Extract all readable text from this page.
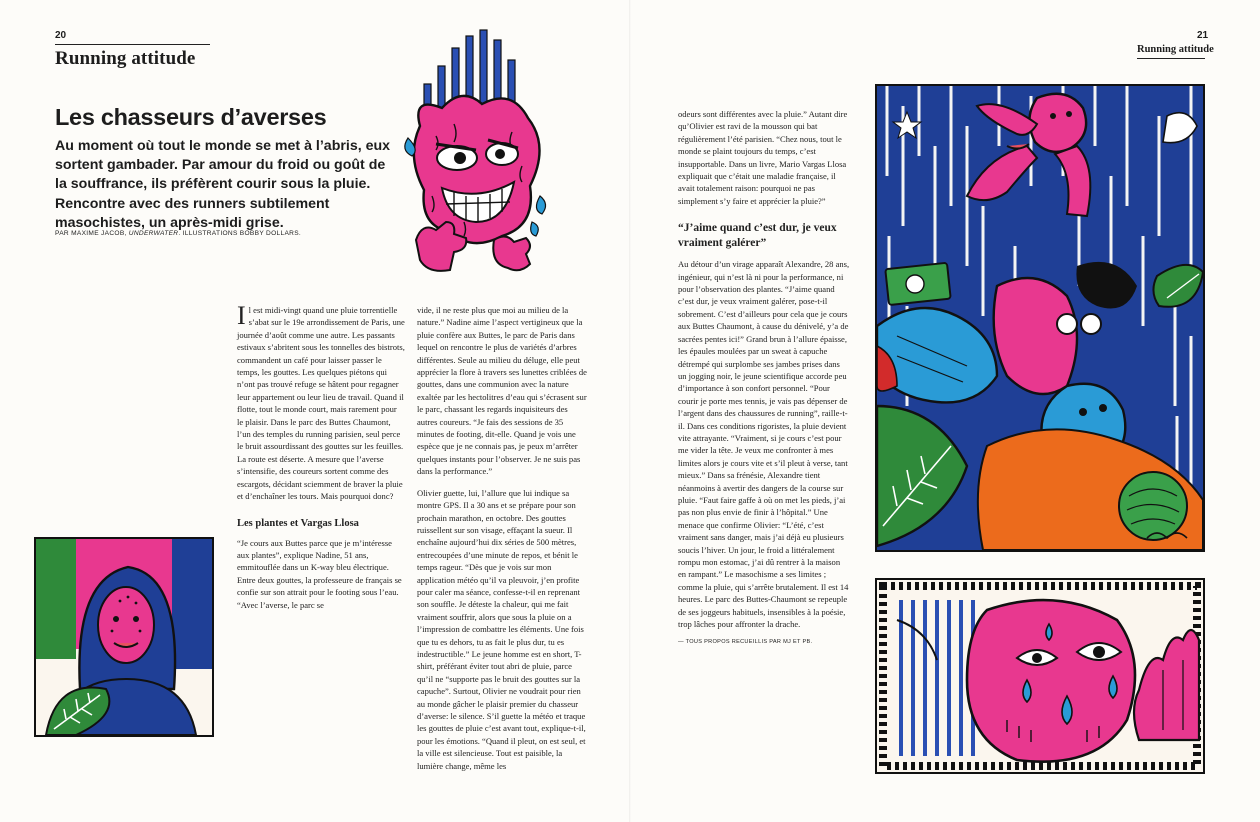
20
Running attitude
Les chasseurs d’averses

Au moment où tout le monde se met à l’abris, eux sortent gambader. Par amour du froid ou goût de la souffrance, ils préfèrent courir sous la pluie. Rencontre avec des runners subtilement masochistes, un après-midi grise.

PAR MAXIME JACOB, UNDERWATER. ILLUSTRATIONS BOBBY DOLLARS.

Il est midi-vingt quand une pluie torrentielle s’abat sur le 19e arrondissement de Paris, une journée d’août comme une autre. Les passants estivaux s’abritent sous les tonnelles des bistrots, commandent un café pour laisser passer le temps, les gouttes. Les quelques piétons qui n’ont pas trouvé refuge se hâtent pour regagner leur appartement ou leur lieu de travail. Quand il flotte, tout le monde court, mais rarement pour le plaisir. Dans le parc des Buttes Chaumont, l’un des temples du running parisien, seul perce le bruit assourdissant des gouttes sur les feuilles. La route est déserte. A mesure que l’averse s’intensifie, des coureurs sortent comme des escargots, décidant sciemment de braver la pluie et d’enchaîner les tours. Mais pourquoi donc?

Les plantes et Vargas Llosa

“Je cours aux Buttes parce que je m’intéresse aux plantes”, explique Nadine, 51 ans, emmitouflée dans un K-way bleu électrique. Entre deux gouttes, la professeure de français se confie sur son attrait pour le footing sous l’eau. “Avec l’averse, le parc se

vide, il ne reste plus que moi au milieu de la nature.” Nadine aime l’aspect vertigineux que la pluie confère aux Buttes, le parc de Paris dans lequel on rencontre le plus de variétés d’arbres différentes. Seule au milieu du déluge, elle peut apprécier la flore à travers ses lunettes criblées de gouttes, dans une communion avec la nature exaltée par les hectolitres d’eau qui s’écrasent sur le parc, chassant les regards inquisiteurs des autres coureurs. “Je fais des sessions de 35 minutes de footing, dit-elle. Quand je vois une espèce que je ne connais pas, je peux m’arrêter quelques instants pour l’observer. Je ne suis pas dans la performance.”

Olivier guette, lui, l’allure que lui indique sa montre GPS. Il a 30 ans et se prépare pour son prochain marathon, en octobre. Des gouttes ruissellent sur son visage, effaçant la sueur. Il enchaîne aujourd’hui dix séries de 500 mètres, entrecoupées d’une minute de repos, et bénit le temps rageur. “Dès que je vois sur mon application météo qu’il va pleuvoir, j’en profite pour caler ma séance, confesse-t-il en reprenant son souffle. Je déteste la chaleur, qui me fait vraiment souffrir, alors que sous la pluie on a l’impression de combattre les éléments. Une fois que tu es dehors, tu as fait le plus dur, tu es indestructible.” Le jeune homme est en short, T-shirt, préférant éviter tout abri de pluie, parce qu’il ne “supporte pas le bruit des gouttes sur la capuche”. Surtout, Olivier ne voudrait pour rien au monde gâcher le plaisir premier du chasseur d’averse: le silence. S’il guette la météo et traque les gouttes de pluie c’est avant tout, explique-t-il, pour les émotions. “Quand il pleut, on est seul, et la ville est silencieuse. Tout est paisible, la lumière change, même les

21
Running attitude

odeurs sont différentes avec la pluie.” Autant dire qu’Olivier est ravi de la mousson qui bat régulièrement l’été parisien. “Chez nous, tout le monde se plaint toujours du temps, c’est insupportable. Dans un livre, Mario Vargas Llosa expliquait que c’était une maladie française, il avait totalement raison: pourquoi ne pas simplement s’y faire et apprécier la pluie?”

“J’aime quand c’est dur, je veux vraiment galérer”

Au détour d’un virage apparaît Alexandre, 28 ans, ingénieur, qui n’est là ni pour la performance, ni pour l’observation des plantes. “J’aime quand c’est dur, je veux vraiment galérer, pose-t-il sobrement. C’est d’ailleurs pour cela que je cours aux Buttes Chaumont, à cause du dénivelé, y’a de sacrées pentes ici!” Grand brun à l’allure épaisse, les épaules moulées par un sweat à capuche détrempé qui surplombe ses jambes prises dans un jogging noir, le jeune scientifique accorde peu d’importance à son confort personnel. “Pour courir je porte mes tennis, je vais pas dépenser de l’argent dans des chaussures de running”, raille-t-il. Dans ces conditions rigoristes, la pluie devient vite attrayante. “Vraiment, si je cours c’est pour me vider la tête. Je veux me confronter à mes limites alors je cours vite et s’il pleut à verse, tant mieux.” Dans sa frénésie, Alexandre tient néanmoins à avertir des dangers de la course sur pluie. “Faut faire gaffe à où on met les pieds, j’ai pas non plus envie de finir à l’hôpital.” Une menace que confirme Olivier: “L’été, c’est vraiment sans danger, mais j’ai déjà eu plusieurs soucis l’hiver. Un jour, le froid a littéralement rompu mon estomac, j’ai dû rentrer à la maison en rampant.” Le masochisme a ses limites ; comme la pluie, qui s’arrête brutalement. Il est 14 heures. Le parc des Buttes-Chaumont se repeuple de ses joggeurs habituels, insensibles à la poésie, trop lâches pour affronter la drache.

— TOUS PROPOS RECUEILLIS PAR MJ ET PB.
